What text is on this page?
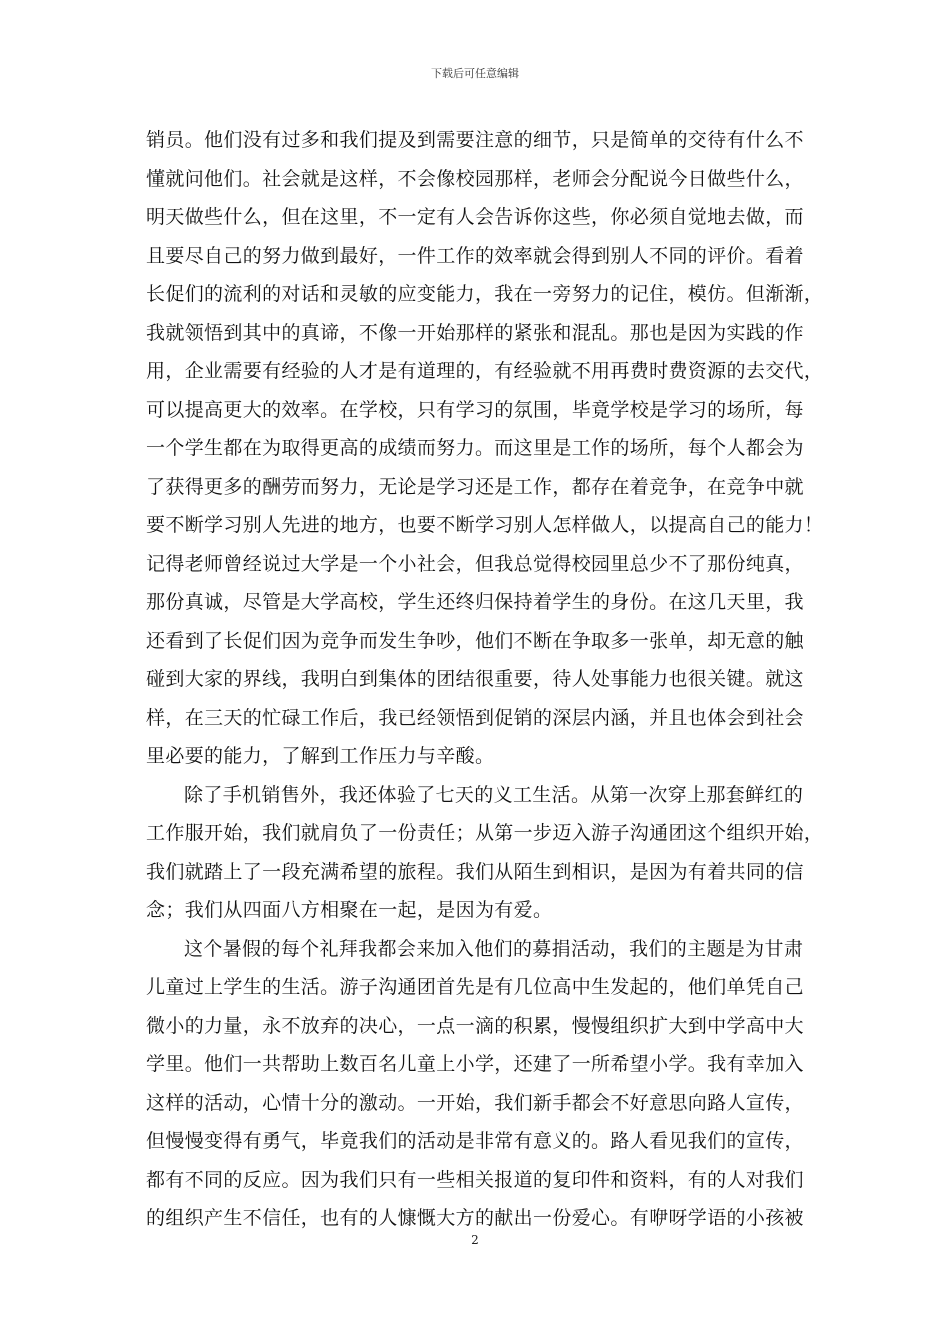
下载后可任意编辑
销员。他们没有过多和我们提及到需要注意的细节，只是简单的交待有什么不
懂就问他们。社会就是这样，不会像校园那样，老师会分配说今日做些什么，
明天做些什么，但在这里，不一定有人会告诉你这些，你必须自觉地去做，而
且要尽自己的努力做到最好，一件工作的效率就会得到别人不同的评价。看着
长促们的流利的对话和灵敏的应变能力，我在一旁努力的记住，模仿。但渐渐，
我就领悟到其中的真谛，不像一开始那样的紧张和混乱。那也是因为实践的作
用，企业需要有经验的人才是有道理的，有经验就不用再费时费资源的去交代，
可以提高更大的效率。在学校，只有学习的氛围，毕竟学校是学习的场所，每
一个学生都在为取得更高的成绩而努力。而这里是工作的场所，每个人都会为
了获得更多的酬劳而努力，无论是学习还是工作，都存在着竞争，在竞争中就
要不断学习别人先进的地方，也要不断学习别人怎样做人，以提高自己的能力！
记得老师曾经说过大学是一个小社会，但我总觉得校园里总少不了那份纯真，
那份真诚，尽管是大学高校，学生还终归保持着学生的身份。在这几天里，我
还看到了长促们因为竞争而发生争吵，他们不断在争取多一张单，却无意的触
碰到大家的界线，我明白到集体的团结很重要，待人处事能力也很关键。就这
样，在三天的忙碌工作后，我已经领悟到促销的深层内涵，并且也体会到社会
里必要的能力，了解到工作压力与辛酸。
除了手机销售外，我还体验了七天的义工生活。从第一次穿上那套鲜红的
工作服开始，我们就肩负了一份责任；从第一步迈入游子沟通团这个组织开始，
我们就踏上了一段充满希望的旅程。我们从陌生到相识，是因为有着共同的信
念；我们从四面八方相聚在一起，是因为有爱。
这个暑假的每个礼拜我都会来加入他们的募捐活动，我们的主题是为甘肃
儿童过上学生的生活。游子沟通团首先是有几位高中生发起的，他们单凭自己
微小的力量，永不放弃的决心，一点一滴的积累，慢慢组织扩大到中学高中大
学里。他们一共帮助上数百名儿童上小学，还建了一所希望小学。我有幸加入
这样的活动，心情十分的激动。一开始，我们新手都会不好意思向路人宣传，
但慢慢变得有勇气，毕竟我们的活动是非常有意义的。路人看见我们的宣传，
都有不同的反应。因为我们只有一些相关报道的复印件和资料，有的人对我们
的组织产生不信任，也有的人慷慨大方的献出一份爱心。有咿呀学语的小孩被
2
